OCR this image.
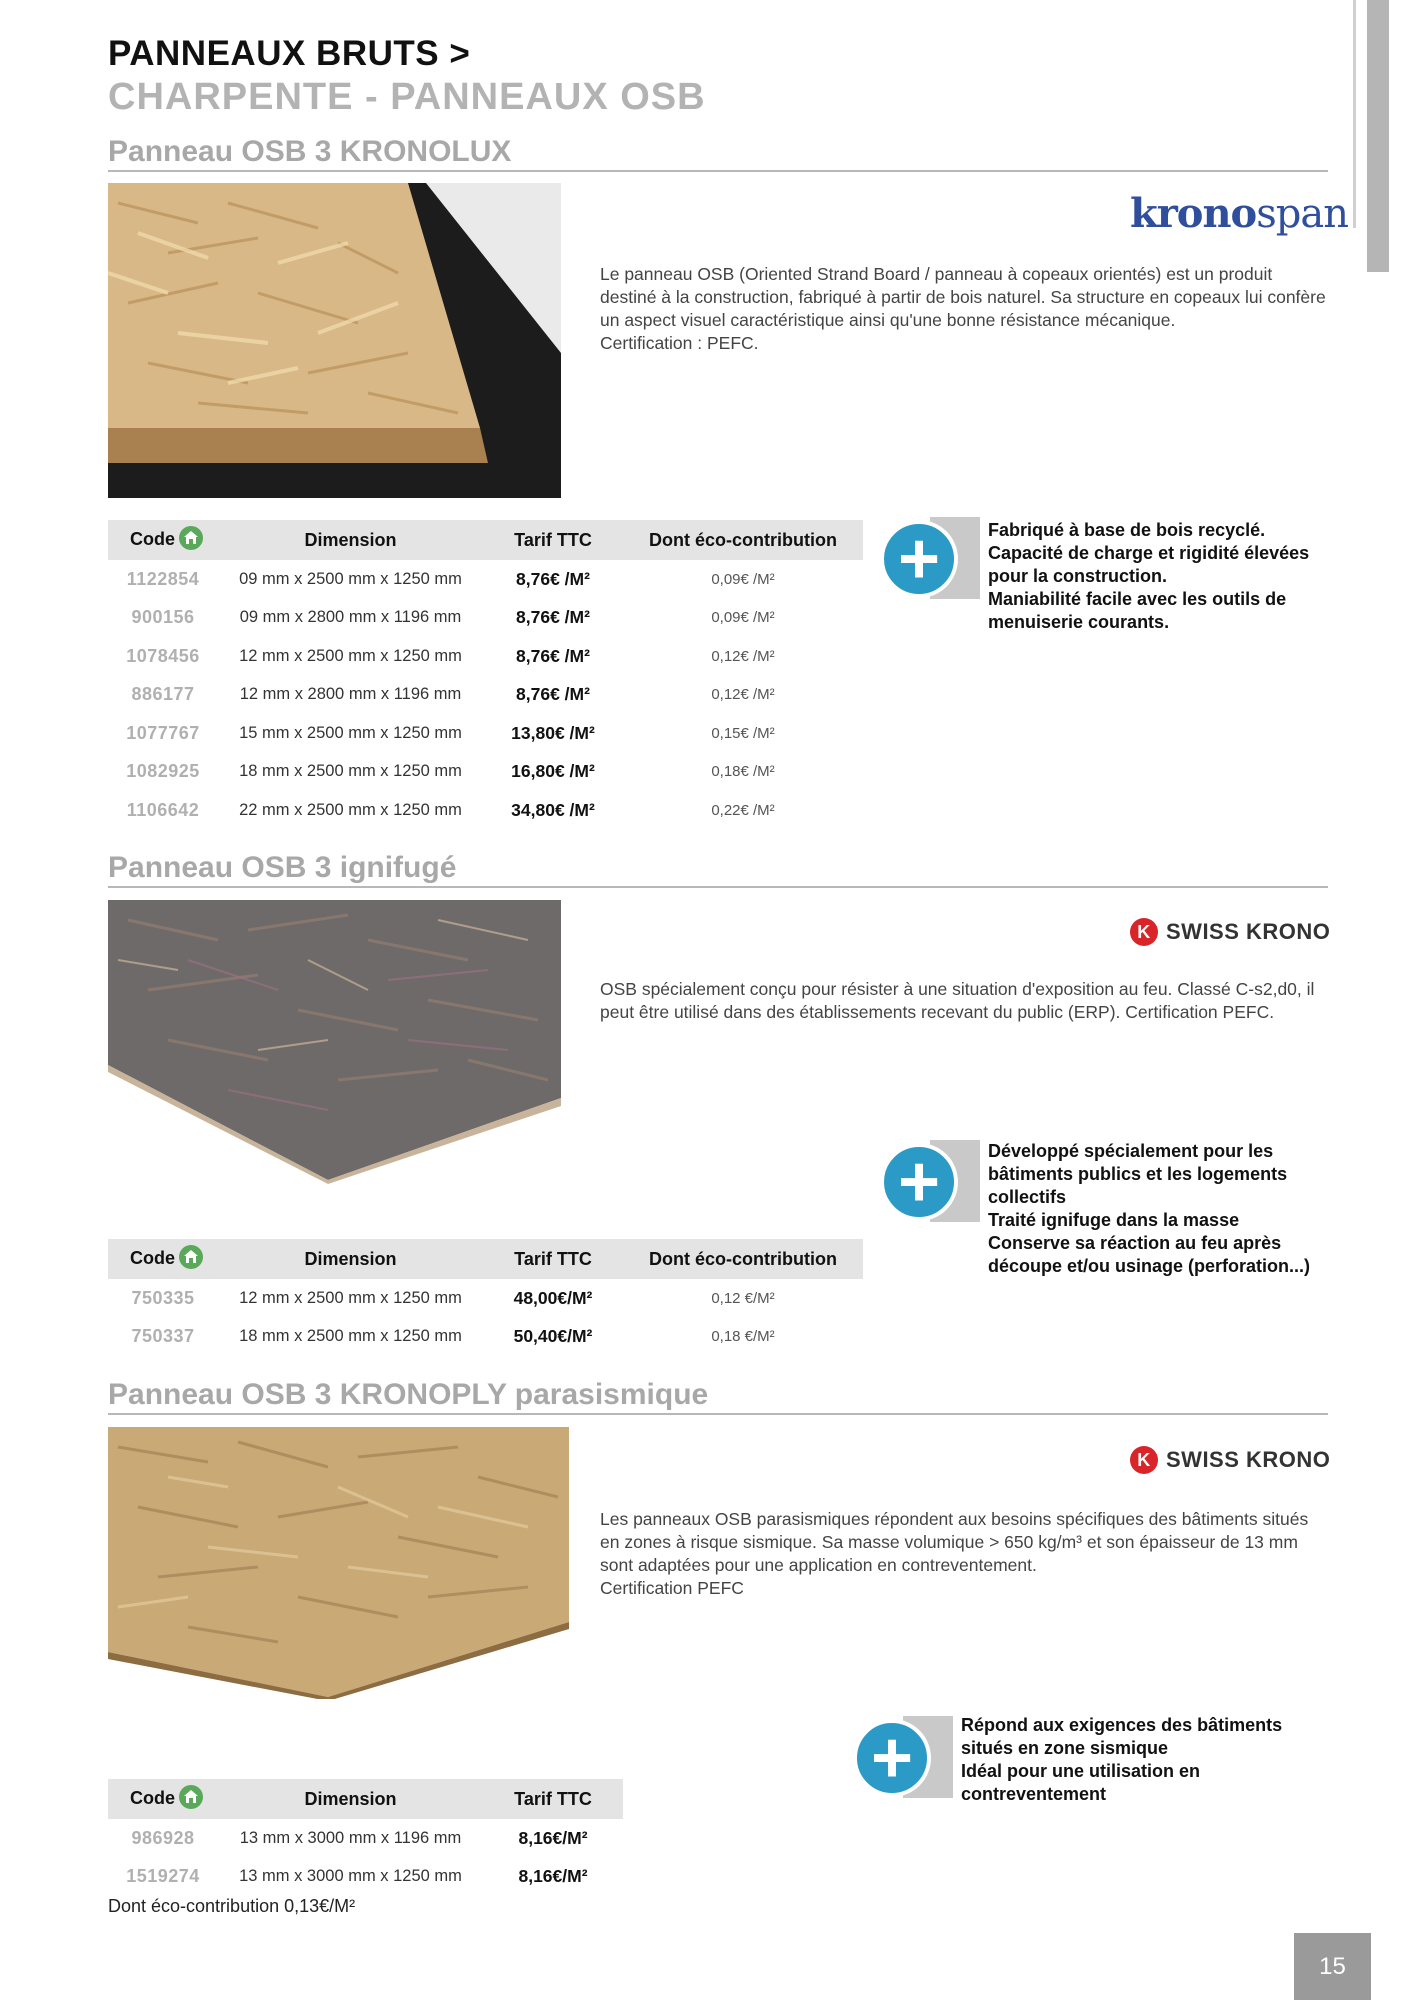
PANNEAUX BRUTS >
CHARPENTE - PANNEAUX OSB
Panneau OSB 3 KRONOLUX
kronospan
Le panneau OSB (Oriented Strand Board / panneau à copeaux orientés) est un produit destiné à la construction, fabriqué à partir de bois naturel. Sa structure en copeaux lui confère un aspect visuel caractéristique ainsi qu'une bonne résistance mécanique.
Certification : PEFC.
Code	Dimension	Tarif TTC	Dont éco-contribution
1122854	09 mm x 2500 mm x 1250 mm	8,76€ /M²	0,09€ /M²
900156	09 mm x 2800 mm x 1196 mm	8,76€ /M²	0,09€ /M²
1078456	12 mm x 2500 mm x 1250 mm	8,76€ /M²	0,12€ /M²
886177	12 mm x 2800 mm x 1196 mm	8,76€ /M²	0,12€ /M²
1077767	15 mm x 2500 mm x 1250 mm	13,80€ /M²	0,15€ /M²
1082925	18 mm x 2500 mm x 1250 mm	16,80€ /M²	0,18€ /M²
1106642	22 mm x 2500 mm x 1250 mm	34,80€ /M²	0,22€ /M²
+	Fabriqué à base de bois recyclé.
Capacité de charge et rigidité élevées pour la construction.
Maniabilité facile avec les outils de menuiserie courants.
Panneau OSB 3 ignifugé
K SWISS KRONO
OSB spécialement conçu pour résister à une situation d'exposition au feu. Classé C-s2,d0, il peut être utilisé dans des établissements recevant du public (ERP). Certification PEFC.
+	Développé spécialement pour les bâtiments publics et les logements collectifs
Traité ignifuge dans la masse
Conserve sa réaction au feu après découpe et/ou usinage (perforation...)
Code	Dimension	Tarif TTC	Dont éco-contribution
750335	12 mm x 2500 mm x 1250 mm	48,00€/M²	0,12 €/M²
750337	18 mm x 2500 mm x 1250 mm	50,40€/M²	0,18 €/M²
Panneau OSB 3 KRONOPLY parasismique
K SWISS KRONO
Les panneaux OSB parasismiques répondent aux besoins spécifiques des bâtiments situés en zones à risque sismique. Sa masse volumique > 650 kg/m³ et son épaisseur de 13 mm sont adaptées pour une application en contreventement.
Certification PEFC
+	Répond aux exigences des bâtiments situés en zone sismique
Idéal pour une utilisation en contreventement
Code	Dimension	Tarif TTC
986928	13 mm x 3000 mm x 1196 mm	8,16€/M²
1519274	13 mm x 3000 mm x 1250 mm	8,16€/M²
Dont éco-contribution 0,13€/M²
15
